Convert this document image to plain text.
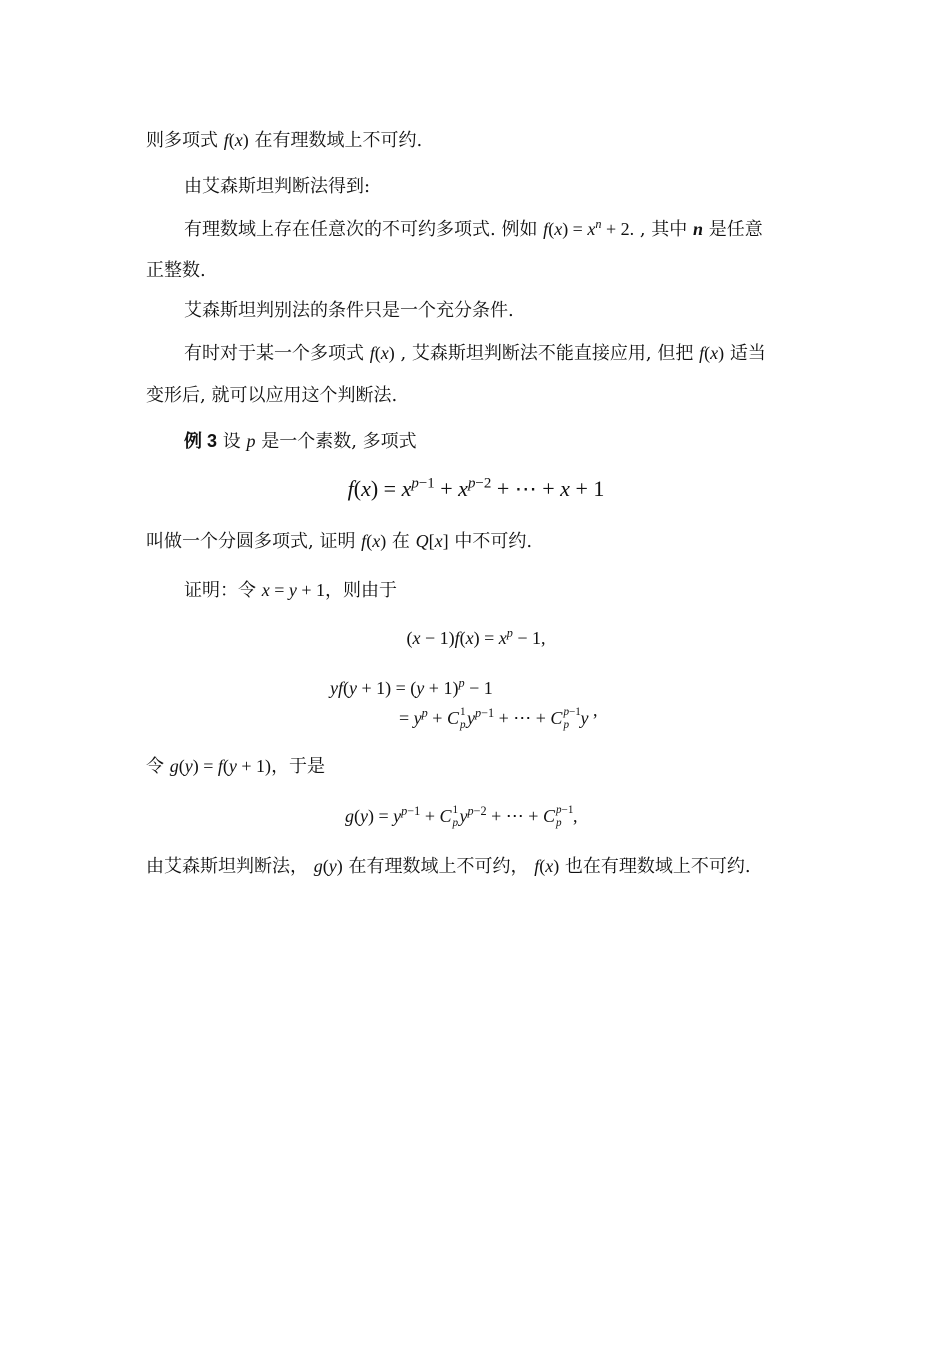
则多项式 f(x) 在有理数域上不可约.
由艾森斯坦判断法得到:
有理数域上存在任意次的不可约多项式. 例如 $f(x) = x^n + 2$. , 其中 n 是任意
正整数.
艾森斯坦判别法的条件只是一个充分条件.
有时对于某一个多项式 f(x) , 艾森斯坦判断法不能直接应用, 但把 f(x) 适当
变形后, 就可以应用这个判断法.
例 3 设 p 是一个素数, 多项式
$f(x) = x^{p-1} + x^{p-2}$ + ⋯ + x + 1
叫做一个分圆多项式, 证明 f(x) 在 Q[x] 中不可约.
证明：令 x = y + 1，则由于
$(x - 1)f(x) = x^p - 1$,
$yf(y + 1) = (y + 1)^p - 1$
= $y^p + C$ 1
p $y^{p-1}$ + ⋯ + C p−1
p y ,
令 g(y) = f(y + 1)，于是
$g(y) = y^{p-1} + C$ 1
p $y^{p-2}$ + ⋯ + C p−1
p ,
由艾森斯坦判断法， g(y) 在有理数域上不可约， f(x) 也在有理数域上不可约.
